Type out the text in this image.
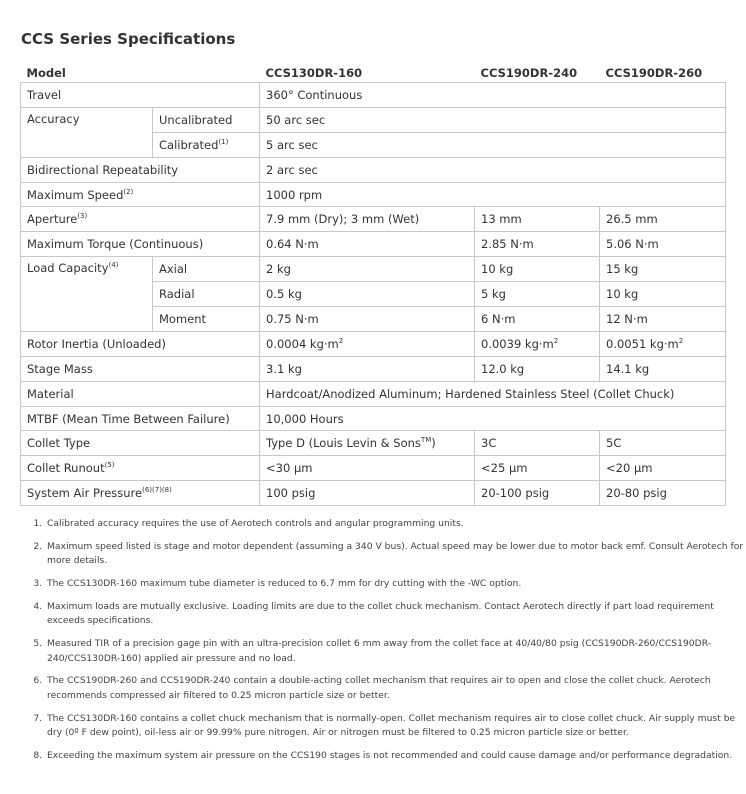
CCS Series Specifications
Model		CCS130DR-160	CCS190DR-240	CCS190DR-260
Travel		360° Continuous		
Accuracy	Uncalibrated	50 arc sec		
	Calibrated$^{(1)}$	5 arc sec		
Bidirectional Repeatability		2 arc sec		
Maximum Speed$^{(2)}$		1000 rpm		
Aperture$^{(3)}$		7.9 mm (Dry); 3 mm (Wet)	13 mm	26.5 mm
Maximum Torque (Continuous)		0.64 N·m	2.85 N·m	5.06 N·m
Load Capacity$^{(4)}$	Axial	2 kg	10 kg	15 kg
	Radial	0.5 kg	5 kg	10 kg
	Moment	0.75 N·m	6 N·m	12 N·m
Rotor Inertia (Unloaded)		0.0004 $kg\cdot m^2$	0.0039 $kg\cdot m^2$	0.0051 $kg\cdot m^2$
Stage Mass		3.1 kg	12.0 kg	14.1 kg
Material		Hardcoat/Anodized Aluminum; Hardened Stainless Steel (Collet Chuck)		
MTBF (Mean Time Between Failure)		10,000 Hours		
Collet Type		Type D (Louis Levin & Sons™)	3C	5C
Collet Runout$^{(5)}$		<30 μm	<25 μm	<20 μm
System Air Pressure$^{(6)(7)(8)}$		100 psig	20-100 psig	20-80 psig
1. Calibrated accuracy requires the use of Aerotech controls and angular programming units.
2. Maximum speed listed is stage and motor dependent (assuming a 340 V bus). Actual speed may be lower due to motor back emf. Consult Aerotech for more details.
3. The CCS130DR-160 maximum tube diameter is reduced to 6.7 mm for dry cutting with the -WC option.
4. Maximum loads are mutually exclusive. Loading limits are due to the collet chuck mechanism. Contact Aerotech directly if part load requirement exceeds specifications.
5. Measured TIR of a precision gage pin with an ultra-precision collet 6 mm away from the collet face at 40/40/80 psig (CCS190DR-260/CCS190DR-240/CCS130DR-160) applied air pressure and no load.
6. The CCS190DR-260 and CCS190DR-240 contain a double-acting collet mechanism that requires air to open and close the collet chuck. Aerotech recommends compressed air filtered to 0.25 micron particle size or better.
7. The CCS130DR-160 contains a collet chuck mechanism that is normally-open. Collet mechanism requires air to close collet chuck. Air supply must be dry (0º F dew point), oil-less air or 99.99% pure nitrogen. Air or nitrogen must be filtered to 0.25 micron particle size or better.
8. Exceeding the maximum system air pressure on the CCS190 stages is not recommended and could cause damage and/or performance degradation.
